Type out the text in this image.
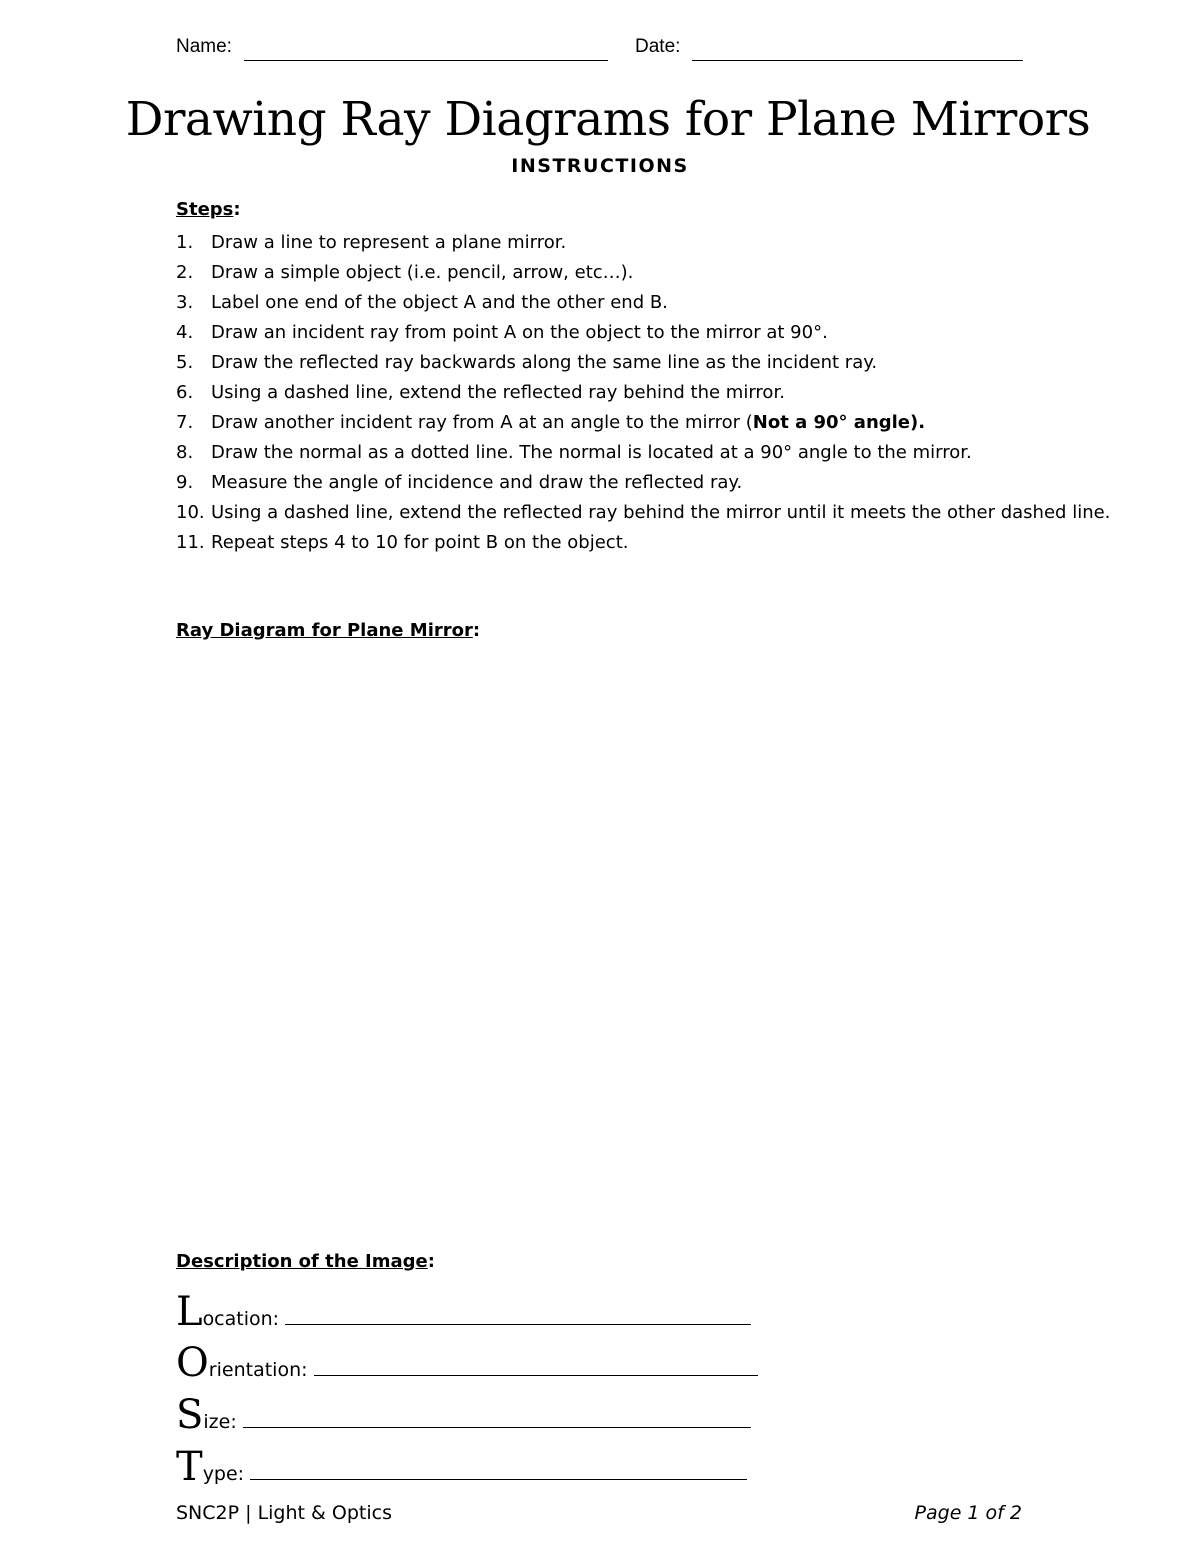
Name:	Date:
Drawing Ray Diagrams for Plane Mirrors
INSTRUCTIONS
Steps:
1. Draw a line to represent a plane mirror.
2. Draw a simple object (i.e. pencil, arrow, etc…).
3. Label one end of the object A and the other end B.
4. Draw an incident ray from point A on the object to the mirror at 90°.
5. Draw the reflected ray backwards along the same line as the incident ray.
6. Using a dashed line, extend the reflected ray behind the mirror.
7. Draw another incident ray from A at an angle to the mirror (Not a 90° angle).
8. Draw the normal as a dotted line. The normal is located at a 90° angle to the mirror.
9. Measure the angle of incidence and draw the reflected ray.
10. Using a dashed line, extend the reflected ray behind the mirror until it meets the other dashed line.
11. Repeat steps 4 to 10 for point B on the object.
Ray Diagram for Plane Mirror:
Description of the Image:
Location:
Orientation:
Size:
Type:
SNC2P | Light & Optics	Page 1 of 2
